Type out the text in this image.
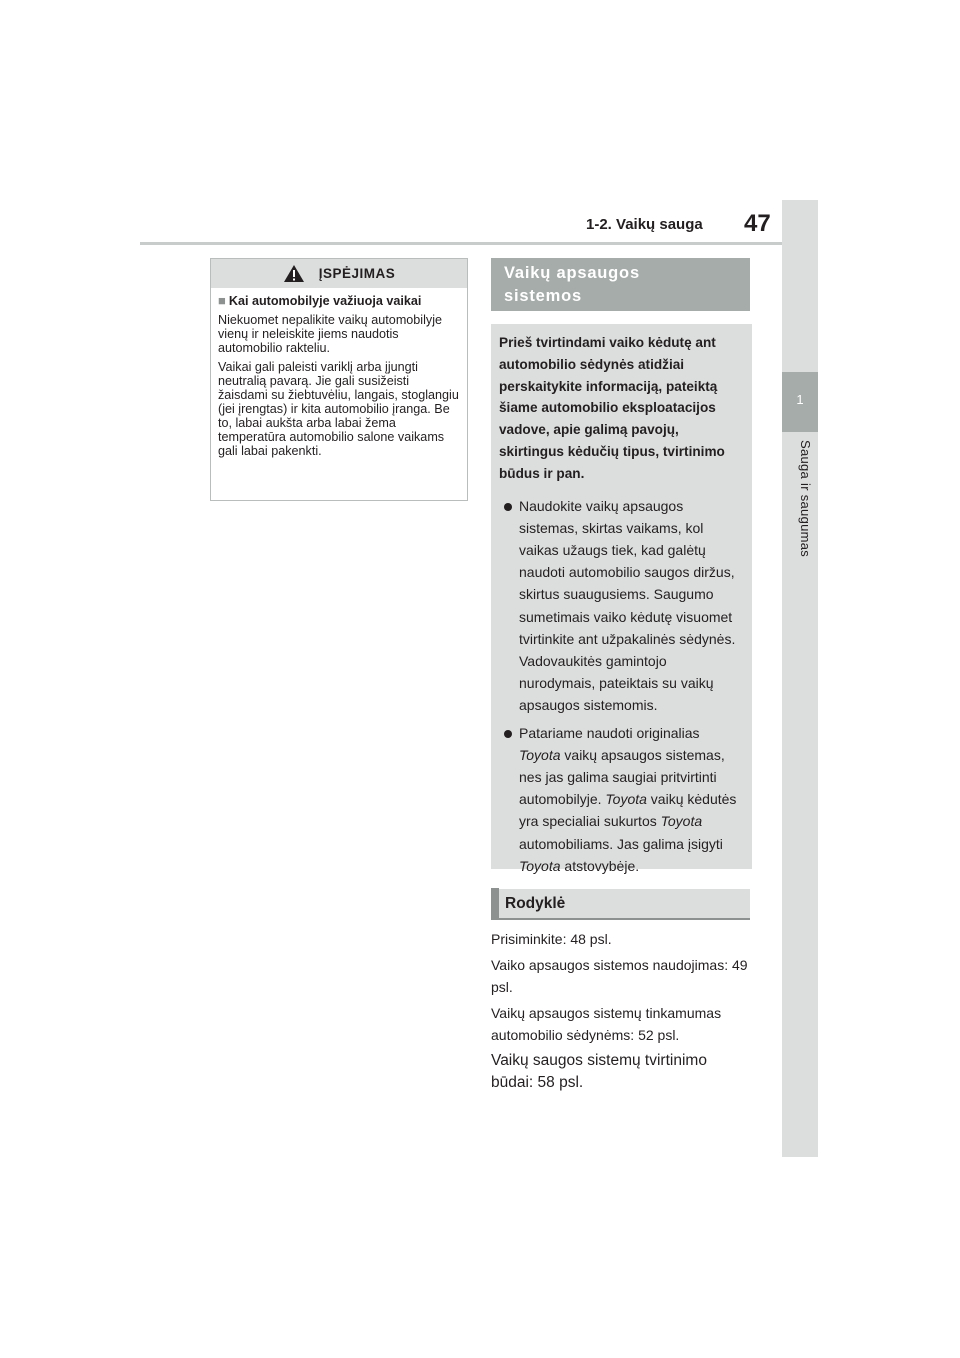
1-2. Vaikų sauga 47
1
Sauga ir saugumas
ĮSPĖJIMAS
■ Kai automobilyje važiuoja vaikai

Niekuomet nepalikite vaikų automobilyje vienų ir neleiskite jiems naudotis automobilio rakteliu.

Vaikai gali paleisti variklį arba įjungti neutralią pavarą. Jie gali susižeisti žaisdami su žiebtuvėliu, langais, stoglangiu (jei įrengtas) ir kita automobilio įranga. Be to, labai aukšta arba labai žema temperatūra automobilio salone vaikams gali labai pakenkti.

Vaikų apsaugos
sistemos

Prieš tvirtindami vaiko kėdutę ant automobilio sėdynės atidžiai perskaitykite informaciją, pateiktą šiame automobilio eksploatacijos vadove, apie galimą pavojų, skirtingus kėdučių tipus, tvirtinimo būdus ir pan.

Naudokite vaikų apsaugos sistemas, skirtas vaikams, kol vaikas užaugs tiek, kad galėtų naudoti automobilio saugos diržus, skirtus suaugusiems. Saugumo sumetimais vaiko kėdutę visuomet tvirtinkite ant užpakalinės sėdynės. Vadovaukitės gamintojo nurodymais, pateiktais su vaikų apsaugos sistemomis.
Patariame naudoti originalias Toyota vaikų apsaugos sistemas, nes jas galima saugiai pritvirtinti automobilyje. Toyota vaikų kėdutės yra specialiai sukurtos Toyota automobiliams. Jas galima įsigyti Toyota atstovybėje.
Rodyklė

Prisiminkite: 48 psl.

Vaiko apsaugos sistemos naudojimas: 49 psl.

Vaikų apsaugos sistemų tinkamumas automobilio sėdynėms: 52 psl.

Vaikų saugos sistemų tvirtinimo būdai: 58 psl.
